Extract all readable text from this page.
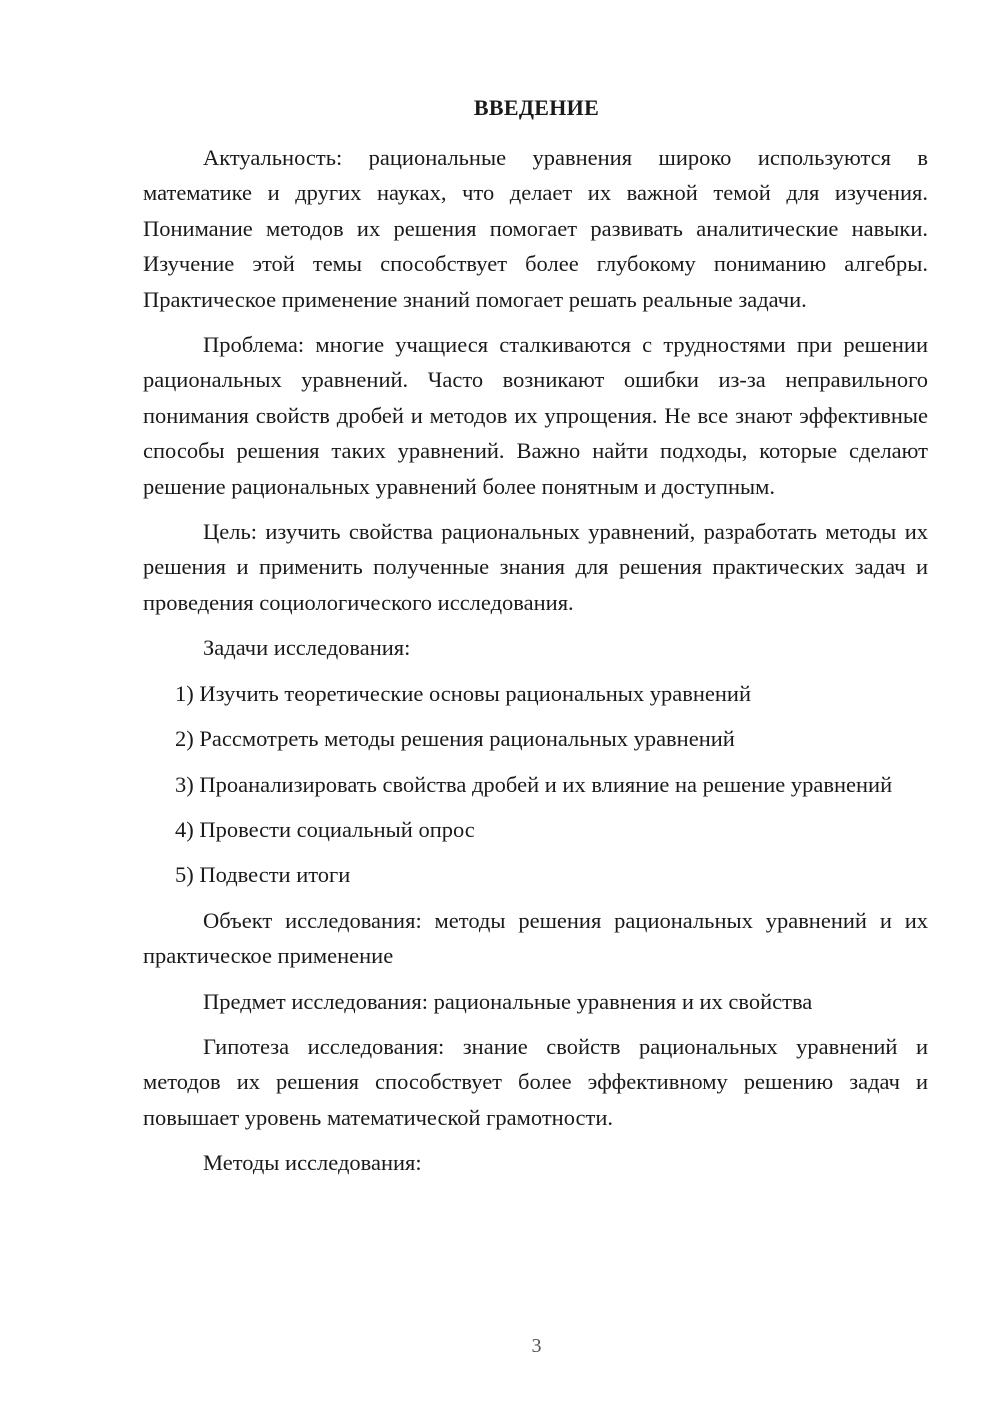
ВВЕДЕНИЕ

Актуальность: рациональные уравнения широко используются в математике и других науках, что делает их важной темой для изучения. Понимание методов их решения помогает развивать аналитические навыки. Изучение этой темы способствует более глубокому пониманию алгебры. Практическое применение знаний помогает решать реальные задачи.

Проблема: многие учащиеся сталкиваются с трудностями при решении рациональных уравнений. Часто возникают ошибки из-за неправильного понимания свойств дробей и методов их упрощения. Не все знают эффективные способы решения таких уравнений. Важно найти подходы, которые сделают решение рациональных уравнений более понятным и доступным.

Цель: изучить свойства рациональных уравнений, разработать методы их решения и применить полученные знания для решения практических задач и проведения социологического исследования.

Задачи исследования:

1) Изучить теоретические основы рациональных уравнений

2) Рассмотреть методы решения рациональных уравнений

3) Проанализировать свойства дробей и их влияние на решение уравнений

4) Провести социальный опрос

5) Подвести итоги

Объект исследования: методы решения рациональных уравнений и их практическое применение

Предмет исследования: рациональные уравнения и их свойства

Гипотеза исследования: знание свойств рациональных уравнений и методов их решения способствует более эффективному решению задач и повышает уровень математической грамотности.

Методы исследования:

3
